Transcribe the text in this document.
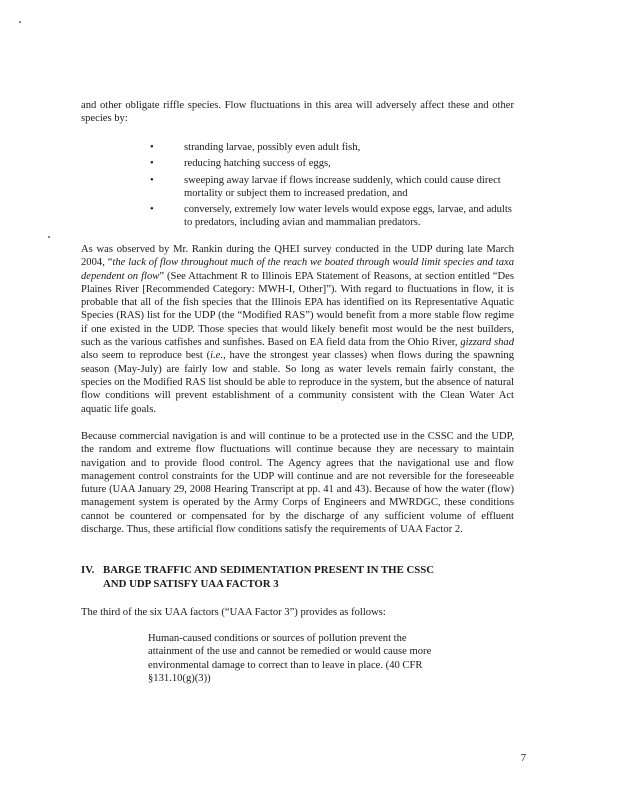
and other obligate riffle species. Flow fluctuations in this area will adversely affect these and other species by:

•	stranding larvae, possibly even adult fish,
•	reducing hatching success of eggs,
•	sweeping away larvae if flows increase suddenly, which could cause direct mortality or subject them to increased predation, and
•	conversely, extremely low water levels would expose eggs, larvae, and adults to predators, including avian and mammalian predators.

As was observed by Mr. Rankin during the QHEI survey conducted in the UDP during late March 2004, “the lack of flow throughout much of the reach we boated through would limit species and taxa dependent on flow” (See Attachment R to Illinois EPA Statement of Reasons, at section entitled “Des Plaines River [Recommended Category: MWH-I, Other]”). With regard to fluctuations in flow, it is probable that all of the fish species that the Illinois EPA has identified on its Representative Aquatic Species (RAS) list for the UDP (the “Modified RAS”) would benefit from a more stable flow regime if one existed in the UDP. Those species that would likely benefit most would be the nest builders, such as the various catfishes and sunfishes. Based on EA field data from the Ohio River, gizzard shad also seem to reproduce best (i.e., have the strongest year classes) when flows during the spawning season (May-July) are fairly low and stable. So long as water levels remain fairly constant, the species on the Modified RAS list should be able to reproduce in the system, but the absence of natural flow conditions will prevent establishment of a community consistent with the Clean Water Act aquatic life goals.

Because commercial navigation is and will continue to be a protected use in the CSSC and the UDP, the random and extreme flow fluctuations will continue because they are necessary to maintain navigation and to provide flood control. The Agency agrees that the navigational use and flow management control constraints for the UDP will continue and are not reversible for the foreseeable future (UAA January 29, 2008 Hearing Transcript at pp. 41 and 43). Because of how the water (flow) management system is operated by the Army Corps of Engineers and MWRDGC, these conditions cannot be countered or compensated for by the discharge of any sufficient volume of effluent discharge. Thus, these artificial flow conditions satisfy the requirements of UAA Factor 2.

IV. BARGE TRAFFIC AND SEDIMENTATION PRESENT IN THE CSSC
AND UDP SATISFY UAA FACTOR 3

The third of the six UAA factors (“UAA Factor 3”) provides as follows:

Human-caused conditions or sources of pollution prevent the attainment of the use and cannot be remedied or would cause more environmental damage to correct than to leave in place. (40 CFR §131.10(g)(3))

7
